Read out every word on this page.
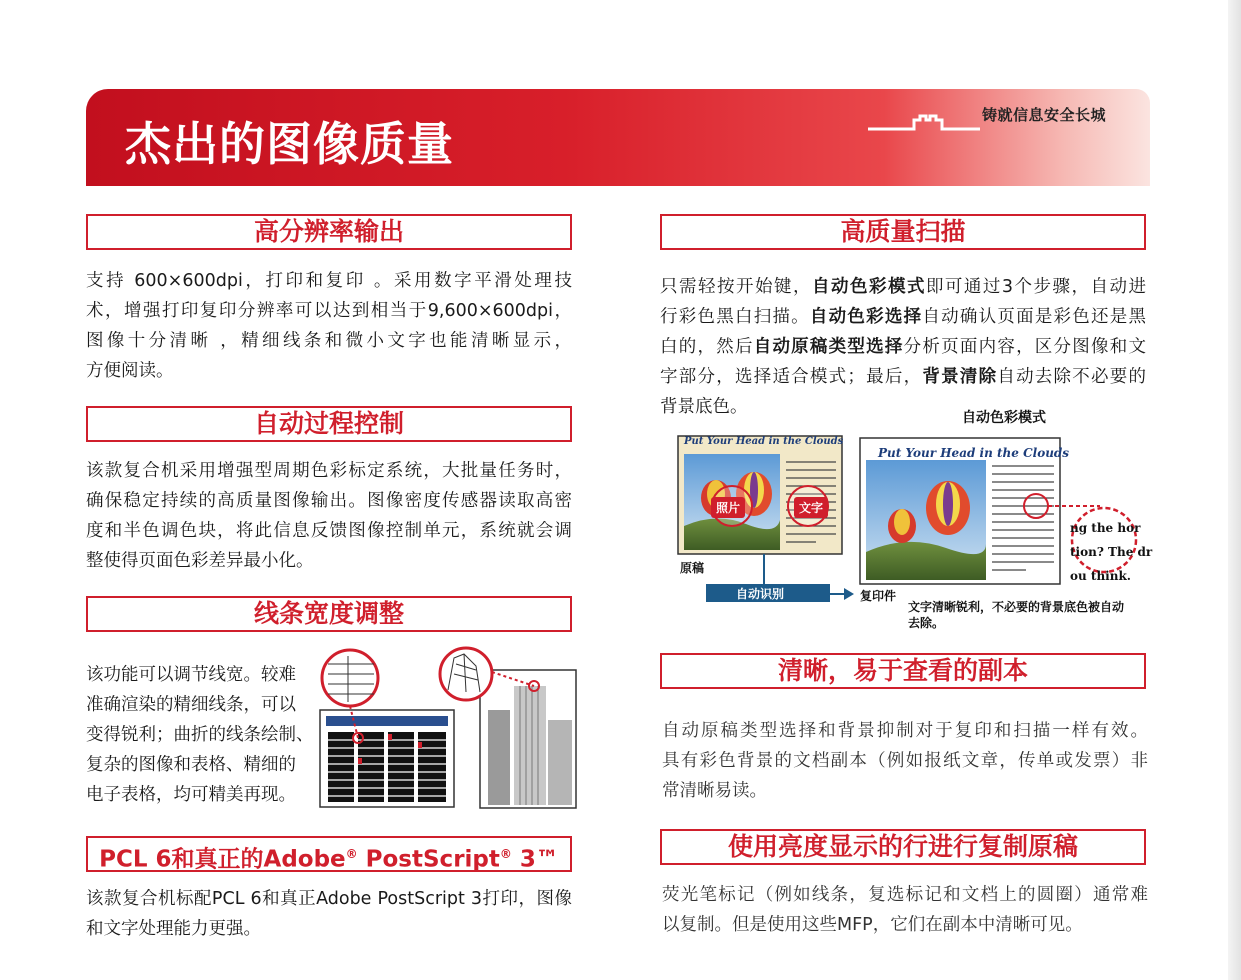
杰出的图像质量
铸就信息安全长城
高分辨率输出
支持 600×600dpi，打印和复印 。采用数字平滑处理技
术，增强打印复印分辨率可以达到相当于9,600×600dpi，
图像十分清晰 ，精细线条和微小文字也能清晰显示，
方便阅读。
自动过程控制
该款复合机采用增强型周期色彩标定系统，大批量任务时，
确保稳定持续的高质量图像输出。图像密度传感器读取高密
度和半色调色块，将此信息反馈图像控制单元，系统就会调
整使得页面色彩差异最小化。
线条宽度调整
该功能可以调节线宽。较难
准确渲染的精细线条，可以
变得锐利；曲折的线条绘制、
复杂的图像和表格、精细的
电子表格，均可精美再现。
PCL 6和真正的Adobe® PostScript® 3™
该款复合机标配PCL 6和真正Adobe PostScript 3打印，图像
和文字处理能力更强。
高质量扫描
只需轻按开始键，自动色彩模式即可通过3个步骤，自动进
行彩色黑白扫描。自动色彩选择自动确认页面是彩色还是黑
白的，然后自动原稿类型选择分析页面内容，区分图像和文
字部分，选择适合模式；最后，背景清除自动去除不必要的
背景底色。
自动色彩模式
照片	文字
Put Your Head in the Clouds
Put Your Head in the Clouds
ng the hor
tion? The dr
ou think.
原稿
自动识别	复印件
文字清晰锐利，不必要的背景底色被自动
去除。
清晰，易于查看的副本
自动原稿类型选择和背景抑制对于复印和扫描一样有效。
具有彩色背景的文档副本（例如报纸文章，传单或发票）非
常清晰易读。
使用亮度显示的行进行复制原稿
荧光笔标记（例如线条，复选标记和文档上的圆圈）通常难
以复制。但是使用这些MFP，它们在副本中清晰可见。
